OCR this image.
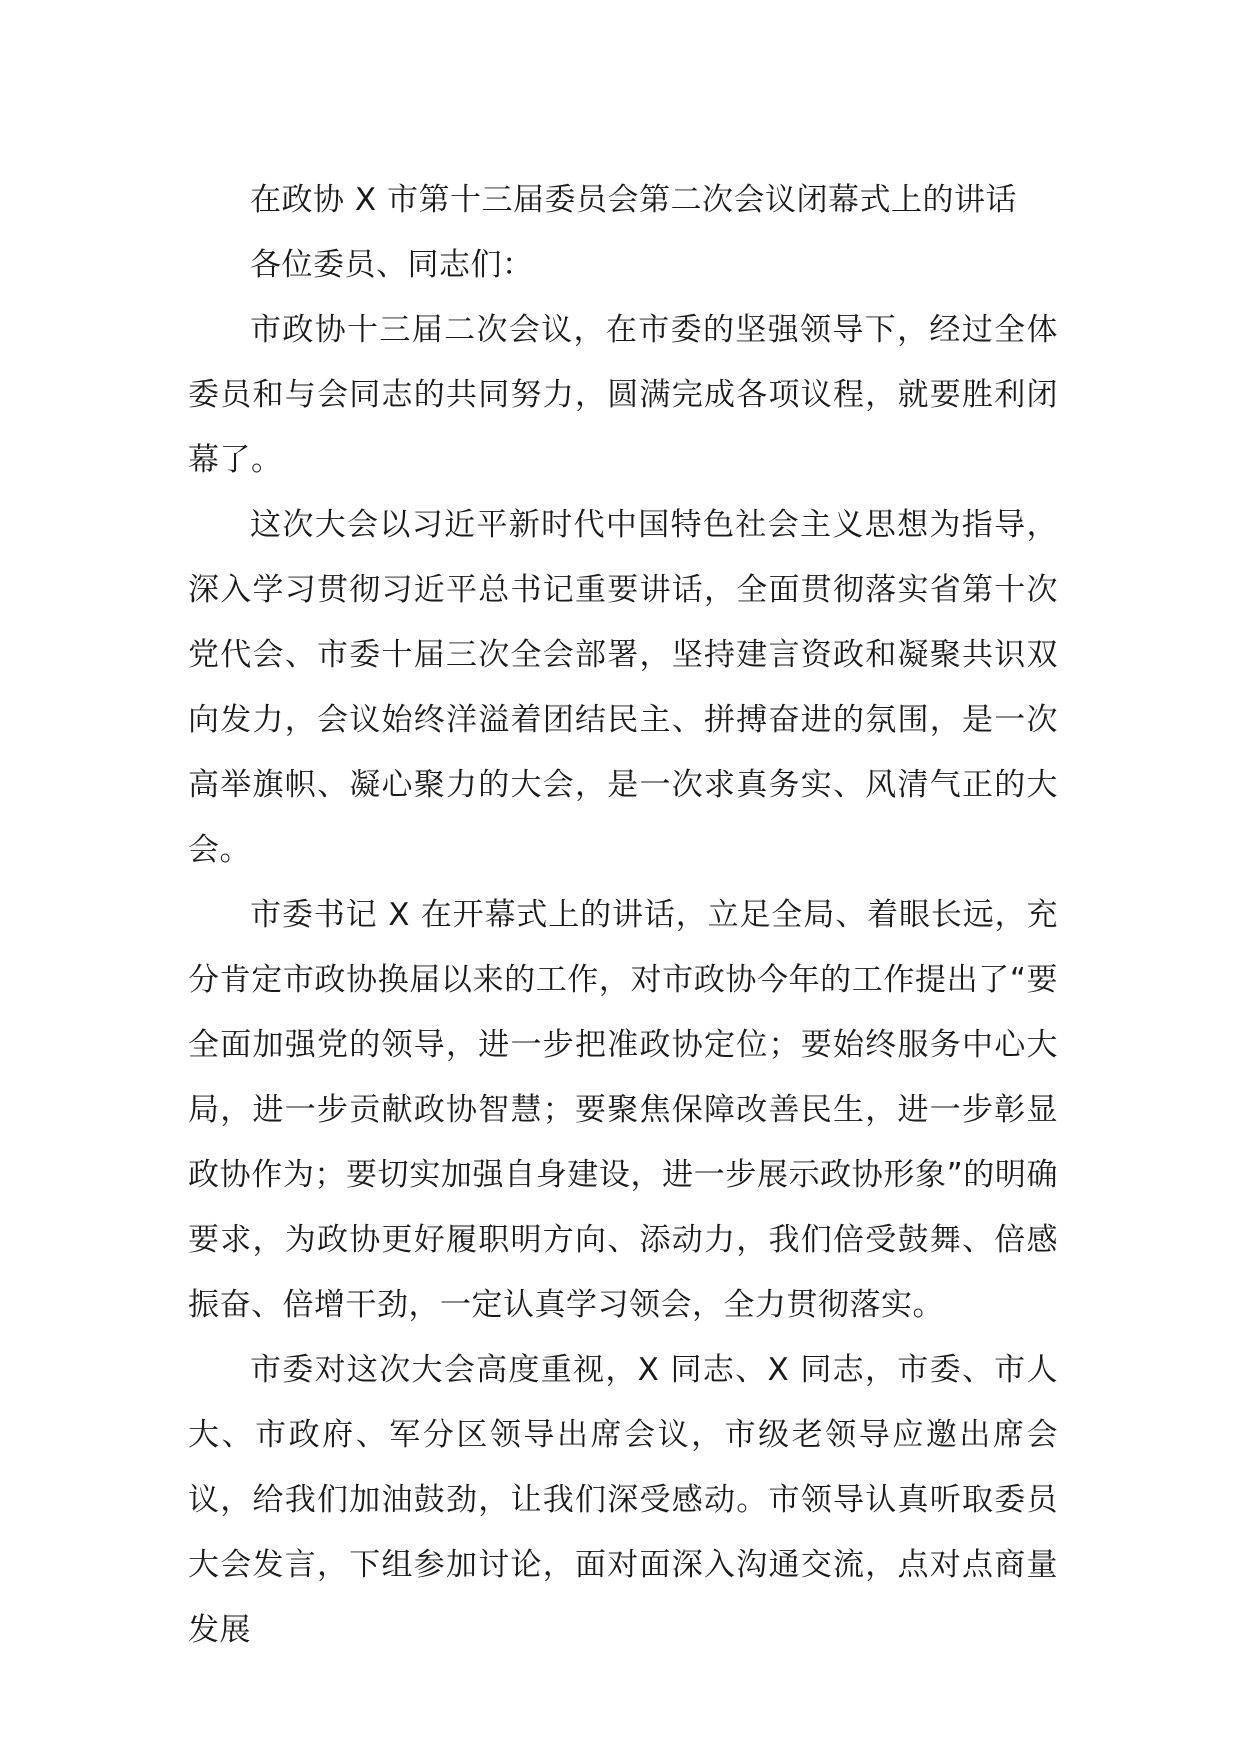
在政协 X 市第十三届委员会第二次会议闭幕式上的讲话

各位委员、同志们：

市政协十三届二次会议，在市委的坚强领导下，经过全体委员和与会同志的共同努力，圆满完成各项议程，就要胜利闭幕了。

这次大会以习近平新时代中国特色社会主义思想为指导，深入学习贯彻习近平总书记重要讲话，全面贯彻落实省第十次党代会、市委十届三次全会部署，坚持建言资政和凝聚共识双向发力，会议始终洋溢着团结民主、拼搏奋进的氛围，是一次高举旗帜、凝心聚力的大会，是一次求真务实、风清气正的大会。

市委书记 X 在开幕式上的讲话，立足全局、着眼长远，充分肯定市政协换届以来的工作，对市政协今年的工作提出了“要全面加强党的领导，进一步把准政协定位；要始终服务中心大局，进一步贡献政协智慧；要聚焦保障改善民生，进一步彰显政协作为；要切实加强自身建设，进一步展示政协形象”的明确要求，为政协更好履职明方向、添动力，我们倍受鼓舞、倍感振奋、倍增干劲，一定认真学习领会，全力贯彻落实。

市委对这次大会高度重视，X 同志、X 同志，市委、市人大、市政府、军分区领导出席会议，市级老领导应邀出席会议，给我们加油鼓劲，让我们深受感动。市领导认真听取委员大会发言，下组参加讨论，面对面深入沟通交流，点对点商量发展
